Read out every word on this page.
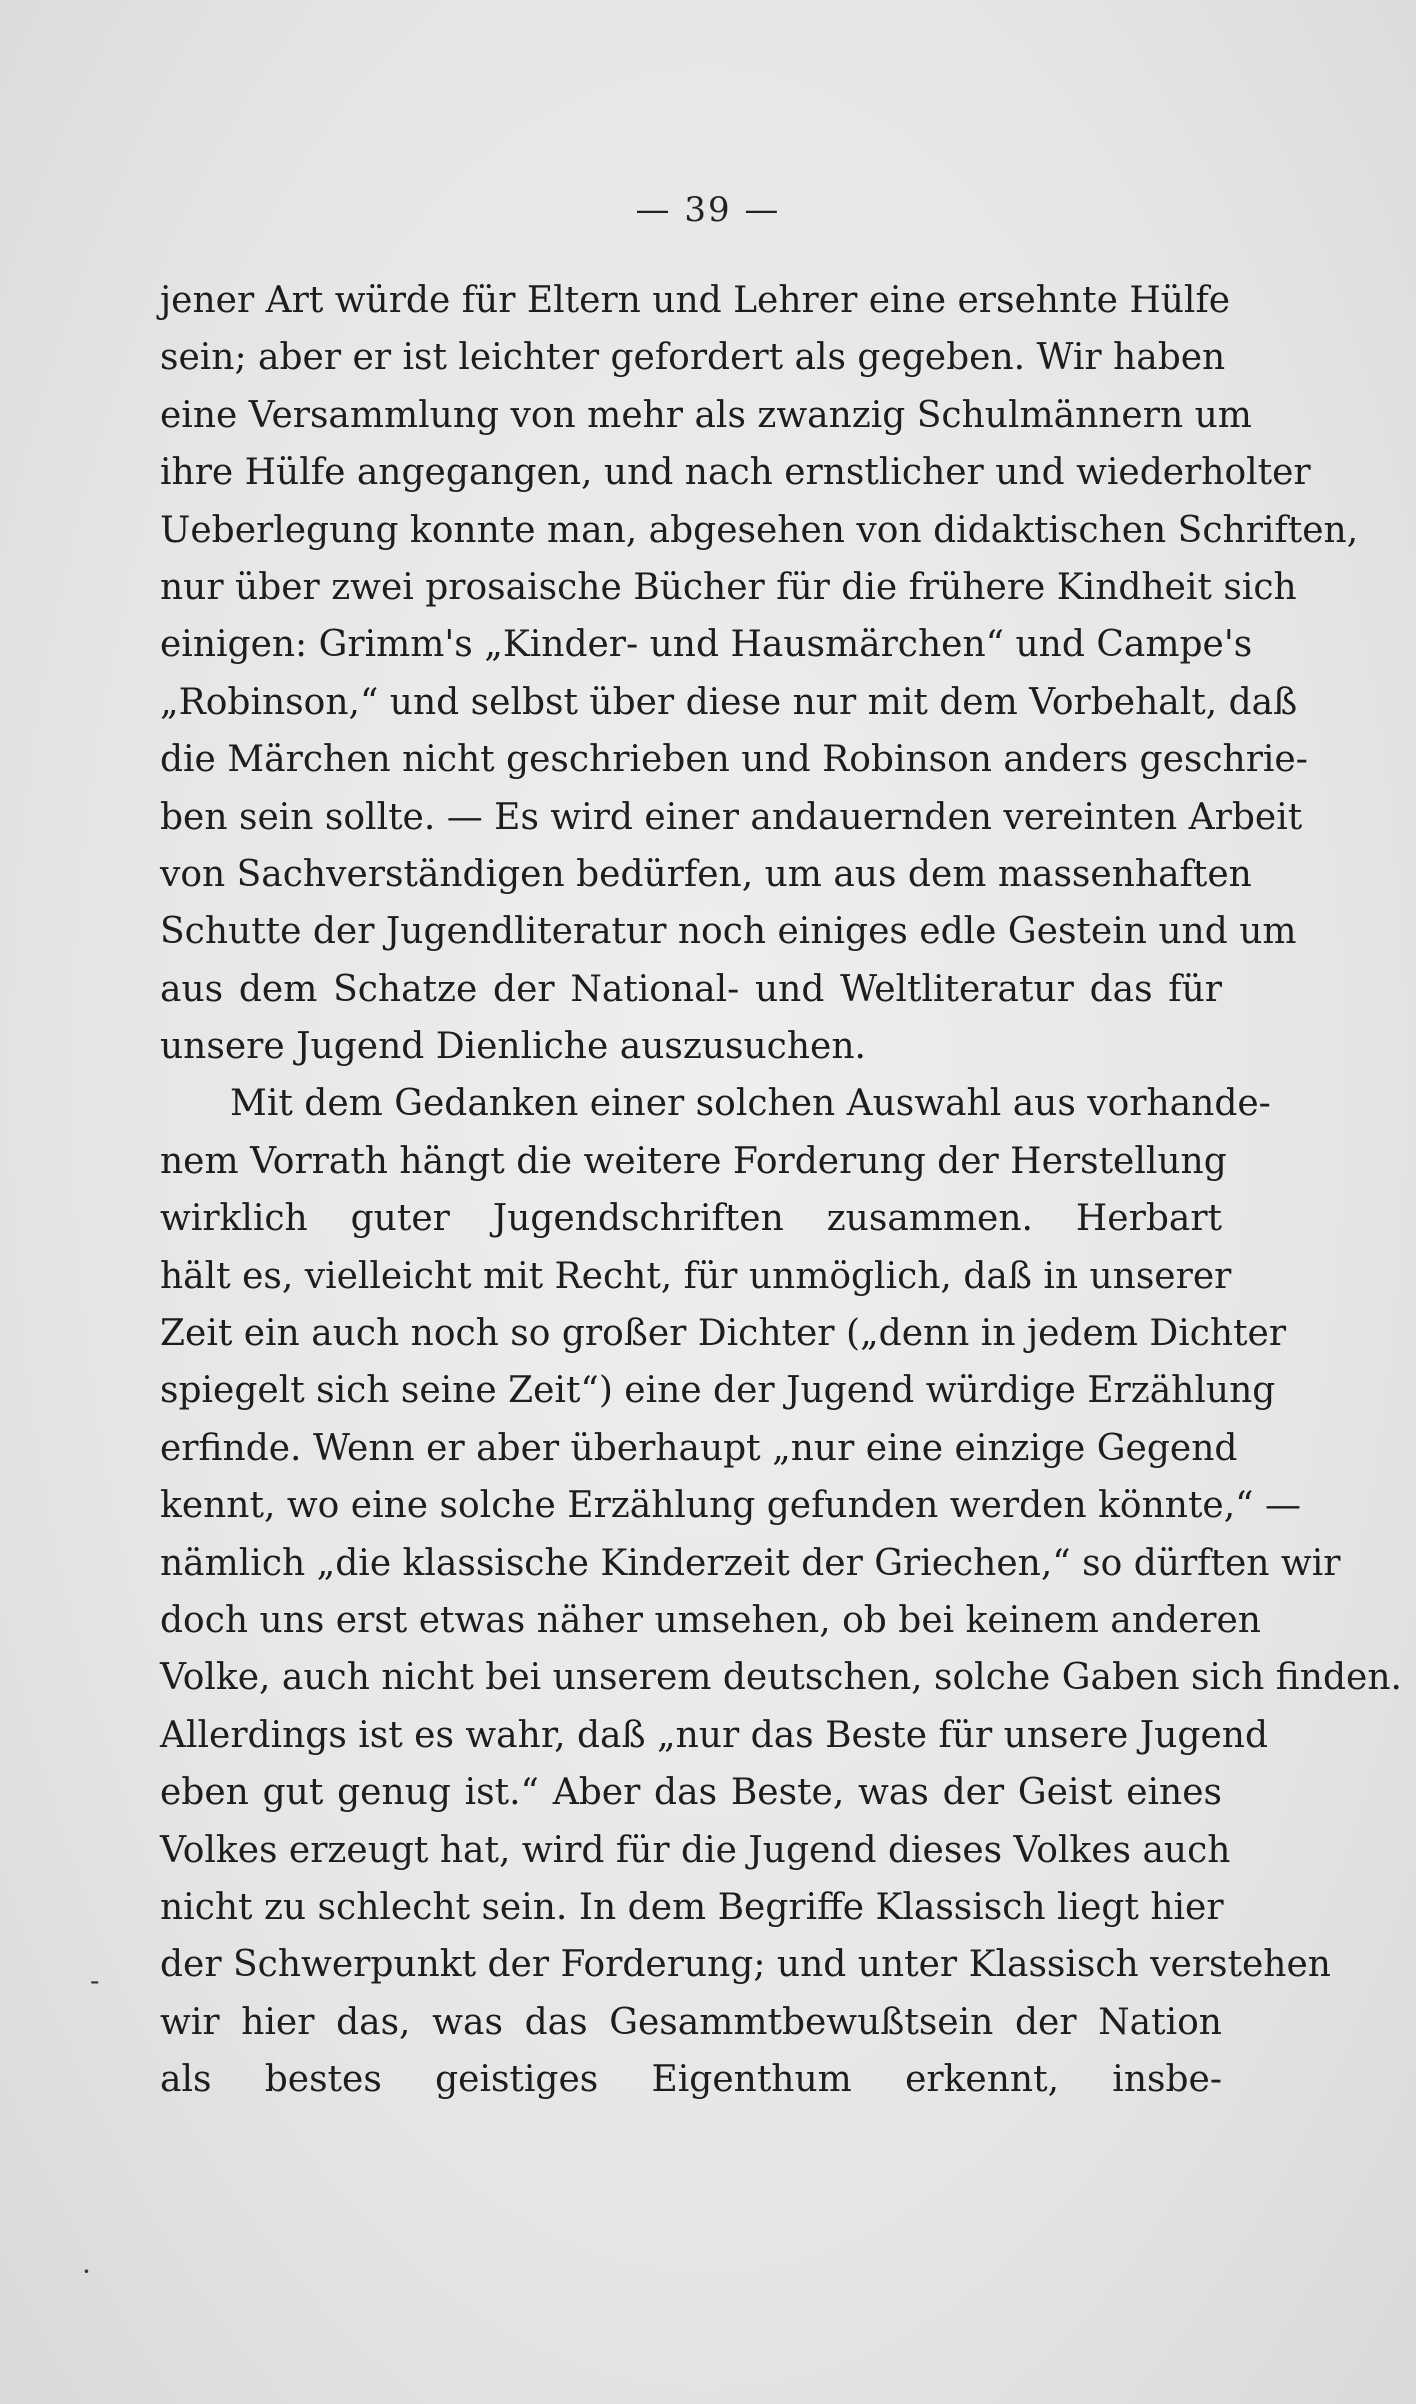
— 39 —
jener Art würde für Eltern und Lehrer eine ersehnte Hülfe
sein; aber er ist leichter gefordert als gegeben. Wir haben
eine Versammlung von mehr als zwanzig Schulmännern um
ihre Hülfe angegangen, und nach ernstlicher und wiederholter
Ueberlegung konnte man, abgesehen von didaktischen Schriften,
nur über zwei prosaische Bücher für die frühere Kindheit sich
einigen: Grimm's „Kinder- und Hausmärchen“ und Campe's
„Robinson,“ und selbst über diese nur mit dem Vorbehalt, daß
die Märchen nicht geschrieben und Robinson anders geschrie-
ben sein sollte. — Es wird einer andauernden vereinten Arbeit
von Sachverständigen bedürfen, um aus dem massenhaften
Schutte der Jugendliteratur noch einiges edle Gestein und um
aus dem Schatze der National- und Weltliteratur das für
unsere Jugend Dienliche auszusuchen.
Mit dem Gedanken einer solchen Auswahl aus vorhande-
nem Vorrath hängt die weitere Forderung der Herstellung
wirklich guter Jugendschriften zusammen. Herbart
hält es, vielleicht mit Recht, für unmöglich, daß in unserer
Zeit ein auch noch so großer Dichter („denn in jedem Dichter
spiegelt sich seine Zeit“) eine der Jugend würdige Erzählung
erfinde. Wenn er aber überhaupt „nur eine einzige Gegend
kennt, wo eine solche Erzählung gefunden werden könnte,“ —
nämlich „die klassische Kinderzeit der Griechen,“ so dürften wir
doch uns erst etwas näher umsehen, ob bei keinem anderen
Volke, auch nicht bei unserem deutschen, solche Gaben sich finden.
Allerdings ist es wahr, daß „nur das Beste für unsere Jugend
eben gut genug ist.“ Aber das Beste, was der Geist eines
Volkes erzeugt hat, wird für die Jugend dieses Volkes auch
nicht zu schlecht sein. In dem Begriffe Klassisch liegt hier
der Schwerpunkt der Forderung; und unter Klassisch verstehen
wir hier das, was das Gesammtbewußtsein der Nation
als bestes geistiges Eigenthum erkennt, insbe-
-
·
